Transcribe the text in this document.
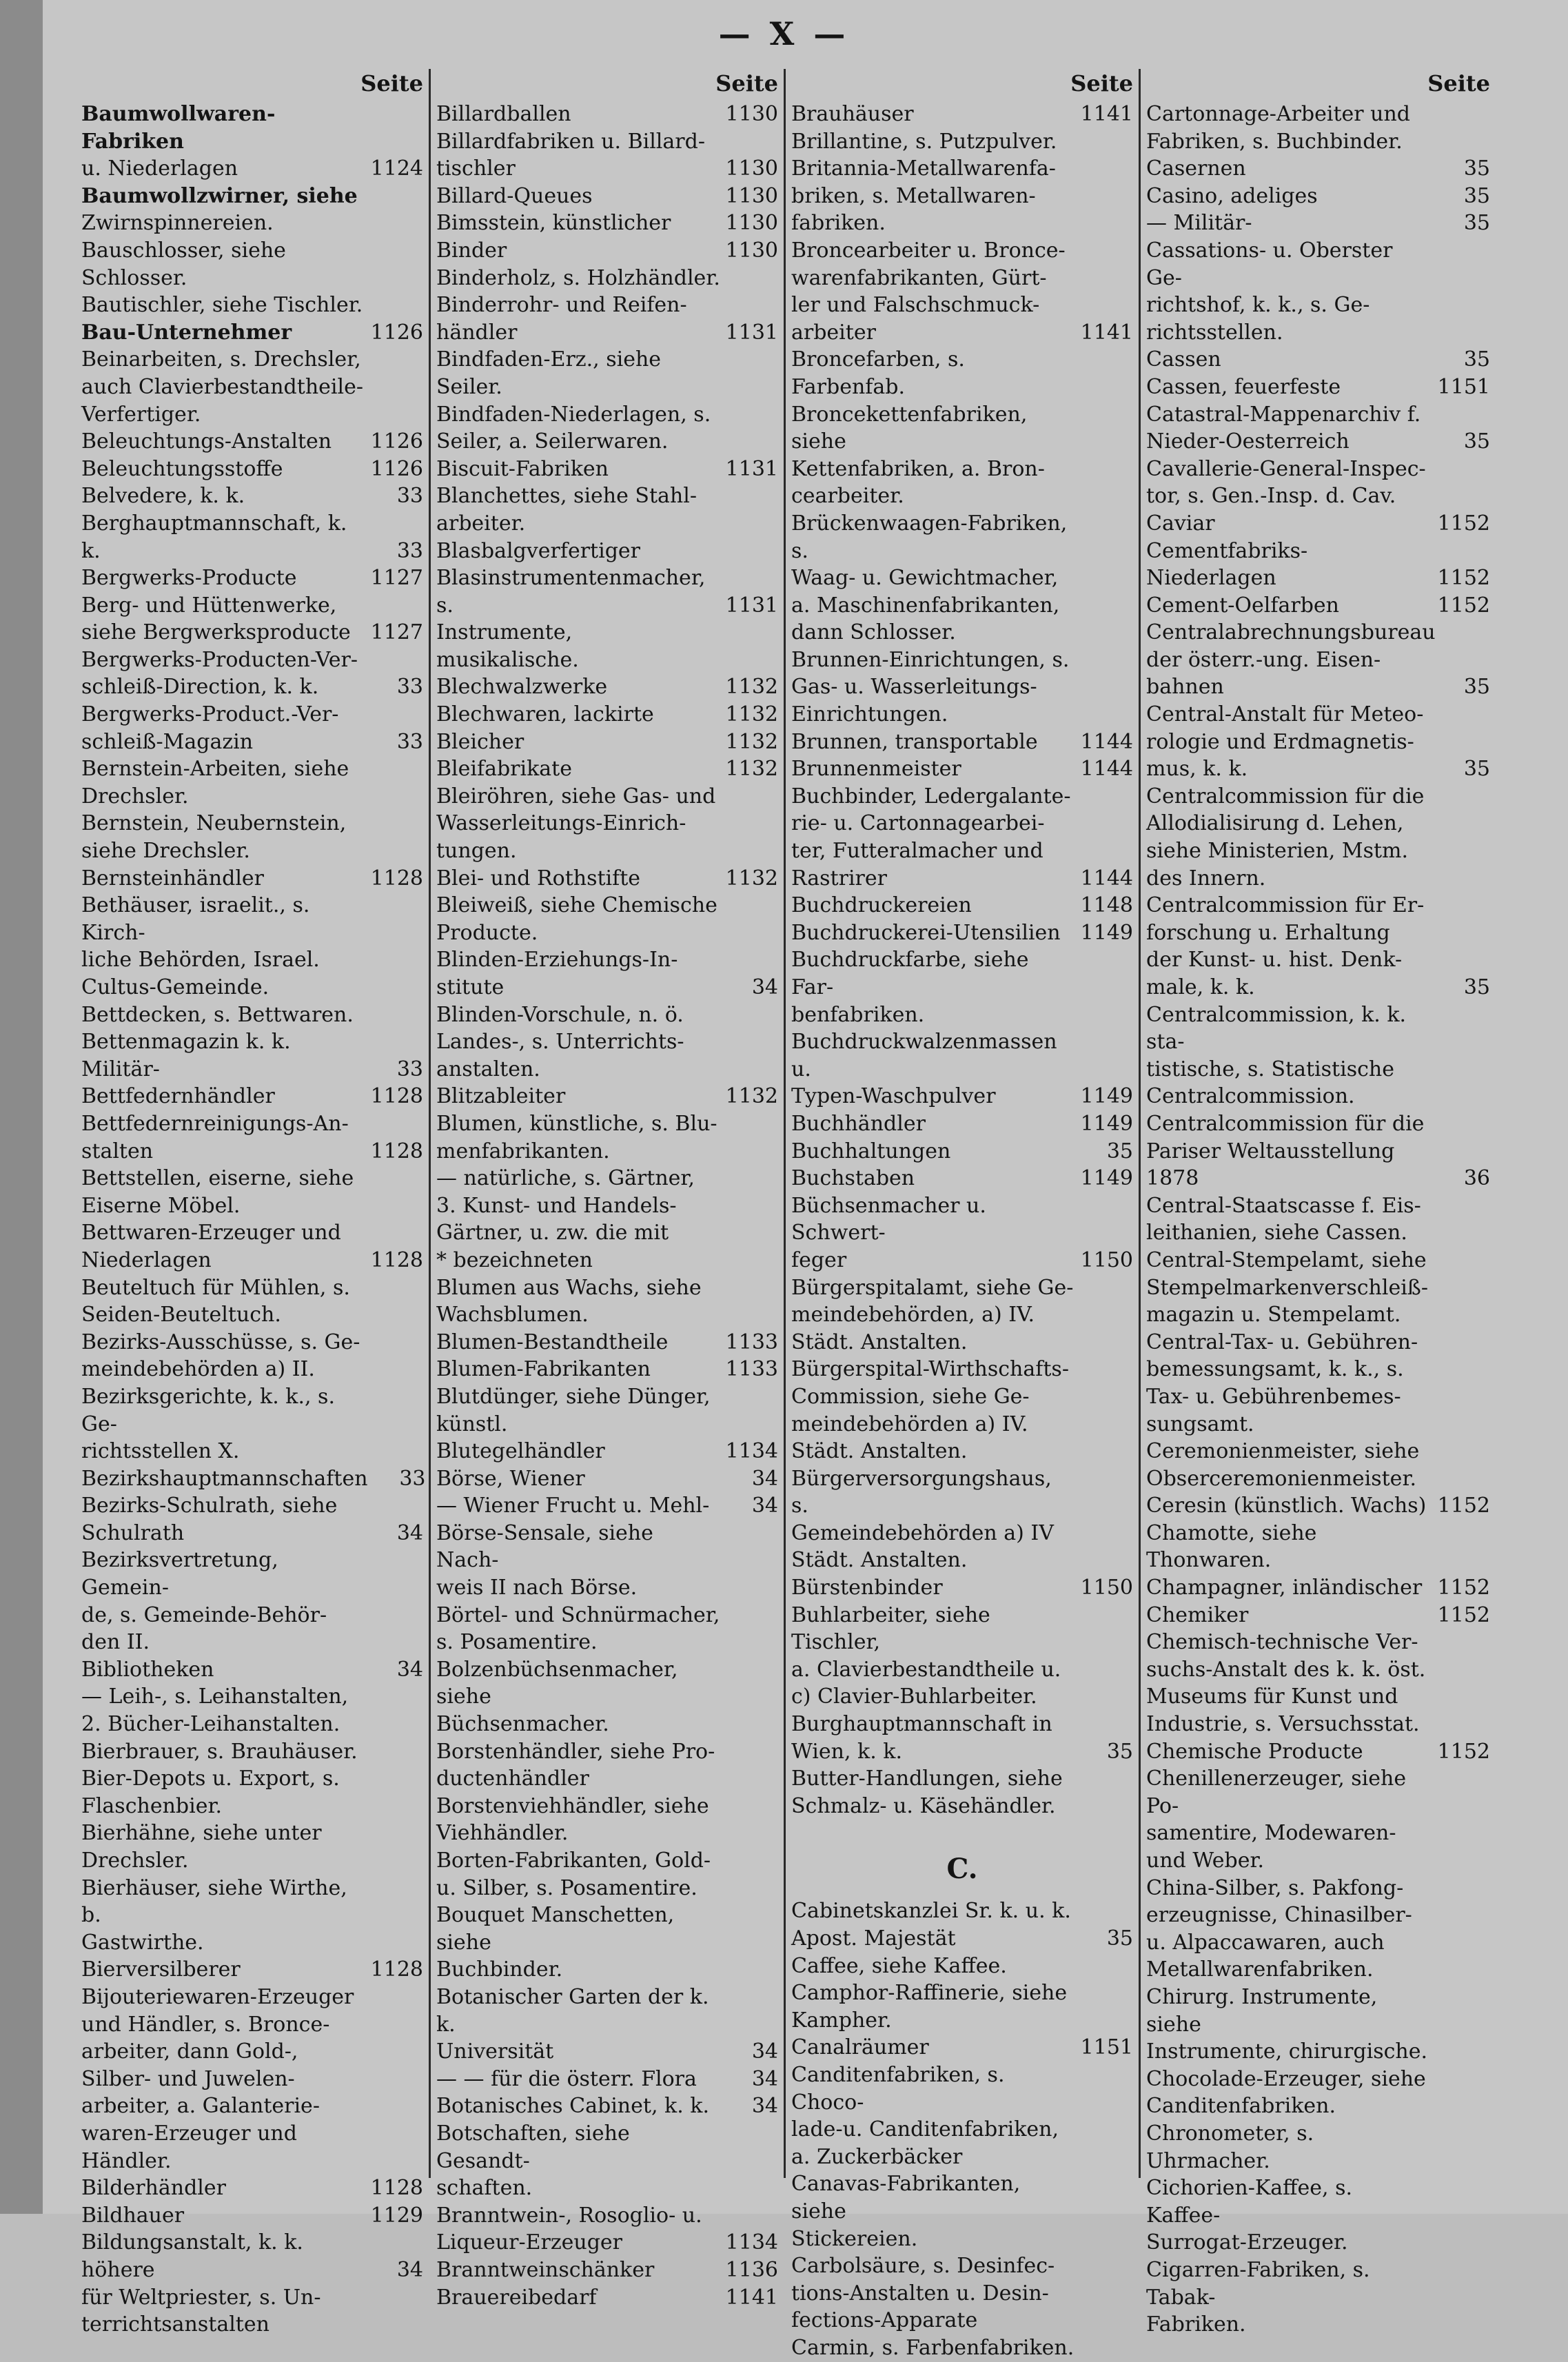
— X —
Seite
Baumwollwaren-Fabriken
u. Niederlagen	1124
Baumwollzwirner, siehe
Zwirnspinnereien.
Bauschlosser, siehe Schlosser.
Bautischler, siehe Tischler.
Bau-Unternehmer	1126
Beinarbeiten, s. Drechsler,
auch Clavierbestandtheile-
Verfertiger.
Beleuchtungs-Anstalten	1126
Beleuchtungsstoffe	1126
Belvedere, k. k.	33
Berghauptmannschaft, k. k.	33
Bergwerks-Producte	1127
Berg- und Hüttenwerke,
siehe Bergwerksproducte 1127
Bergwerks-Producten-Ver-
schleiß-Direction, k. k.	33
Bergwerks-Product.-Ver-
schleiß-Magazin	33
Bernstein-Arbeiten, siehe
Drechsler.
Bernstein, Neubernstein,
siehe Drechsler.
Bernsteinhändler	1128
Bethäuser, israelit., s. Kirch-
liche Behörden, Israel.
Cultus-Gemeinde.
Bettdecken, s. Bettwaren.
Bettenmagazin k. k. Militär-	33
Bettfedernhändler	1128
Bettfedernreinigungs-An-
stalten	1128
Bettstellen, eiserne, siehe
Eiserne Möbel.
Bettwaren-Erzeuger und
Niederlagen	1128
Beuteltuch für Mühlen, s.
Seiden-Beuteltuch.
Bezirks-Ausschüsse, s. Ge-
meindebehörden a) II.
Bezirksgerichte, k. k., s. Ge-
richtsstellen X.
Bezirkshauptmannschaften	33
Bezirks-Schulrath, siehe
Schulrath	34
Bezirksvertretung, Gemein-
de, s. Gemeinde-Behör-
den II.
Bibliotheken	34
— Leih-, s. Leihanstalten,
2. Bücher-Leihanstalten.
Bierbrauer, s. Brauhäuser.
Bier-Depots u. Export, s.
Flaschenbier.
Bierhähne, siehe unter
Drechsler.
Bierhäuser, siehe Wirthe, b.
Gastwirthe.
Bierversilberer	1128
Bijouteriewaren-Erzeuger
und Händler, s. Bronce-
arbeiter, dann Gold-,
Silber- und Juwelen-
arbeiter, a. Galanterie-
waren-Erzeuger und
Händler.
Bilderhändler	1128
Bildhauer	1129
Bildungsanstalt, k. k. höhere	34
für Weltpriester, s. Un-
terrichtsanstalten
Seite
Billardballen	1130
Billardfabriken u. Billard-
tischler	1130
Billard-Queues	1130
Bimsstein, künstlicher	1130
Binder	1130
Binderholz, s. Holzhändler.
Binderrohr- und Reifen-
händler	1131
Bindfaden-Erz., siehe Seiler.
Bindfaden-Niederlagen, s.
Seiler, a. Seilerwaren.
Biscuit-Fabriken	1131
Blanchettes, siehe Stahl-
arbeiter.
Blasbalgverfertiger
Blasinstrumentenmacher, s.	1131
Instrumente, musikalische.
Blechwalzwerke	1132
Blechwaren, lackirte	1132
Bleicher	1132
Bleifabrikate	1132
Bleiröhren, siehe Gas- und
Wasserleitungs-Einrich-
tungen.
Blei- und Rothstifte	1132
Bleiweiß, siehe Chemische
Producte.
Blinden-Erziehungs-In-
stitute	34
Blinden-Vorschule, n. ö.
Landes-, s. Unterrichts-
anstalten.
Blitzableiter	1132
Blumen, künstliche, s. Blu-
menfabrikanten.
— natürliche, s. Gärtner,
3. Kunst- und Handels-
Gärtner, u. zw. die mit
* bezeichneten
Blumen aus Wachs, siehe
Wachsblumen.
Blumen-Bestandtheile	1133
Blumen-Fabrikanten	1133
Blutdünger, siehe Dünger,
künstl.
Blutegelhändler	1134
Börse, Wiener	34
— Wiener Frucht u. Mehl-	34
Börse-Sensale, siehe Nach-
weis II nach Börse.
Börtel- und Schnürmacher,
s. Posamentire.
Bolzenbüchsenmacher, siehe
Büchsenmacher.
Borstenhändler, siehe Pro-
ductenhändler
Borstenviehhändler, siehe
Viehhändler.
Borten-Fabrikanten, Gold-
u. Silber, s. Posamentire.
Bouquet Manschetten, siehe
Buchbinder.
Botanischer Garten der k. k.
Universität	34
— — für die österr. Flora	34
Botanisches Cabinet, k. k.	34
Botschaften, siehe Gesandt-
schaften.
Branntwein-, Rosoglio- u.
Liqueur-Erzeuger	1134
Branntweinschänker	1136
Brauereibedarf	1141
Seite
Brauhäuser	1141
Brillantine, s. Putzpulver.
Britannia-Metallwarenfa-
briken, s. Metallwaren-
fabriken.
Broncearbeiter u. Bronce-
warenfabrikanten, Gürt-
ler und Falschschmuck-
arbeiter	1141
Broncefarben, s. Farbenfab.
Broncekettenfabriken, siehe
Kettenfabriken, a. Bron-
cearbeiter.
Brückenwaagen-Fabriken, s.
Waag- u. Gewichtmacher,
a. Maschinenfabrikanten,
dann Schlosser.
Brunnen-Einrichtungen, s.
Gas- u. Wasserleitungs-
Einrichtungen.
Brunnen, transportable	1144
Brunnenmeister	1144
Buchbinder, Ledergalante-
rie- u. Cartonnagearbei-
ter, Futteralmacher und
Rastrirer	1144
Buchdruckereien	1148
Buchdruckerei-Utensilien 1149
Buchdruckfarbe, siehe Far-
benfabriken.
Buchdruckwalzenmassen u.
Typen-Waschpulver	1149
Buchhändler	1149
Buchhaltungen	35
Buchstaben	1149
Büchsenmacher u. Schwert-
feger	1150
Bürgerspitalamt, siehe Ge-
meindebehörden, a) IV.
Städt. Anstalten.
Bürgerspital-Wirthschafts-
Commission, siehe Ge-
meindebehörden a) IV.
Städt. Anstalten.
Bürgerversorgungshaus, s.
Gemeindebehörden a) IV
Städt. Anstalten.
Bürstenbinder	1150
Buhlarbeiter, siehe Tischler,
a. Clavierbestandtheile u.
c) Clavier-Buhlarbeiter.
Burghauptmannschaft in
Wien, k. k.	35
Butter-Handlungen, siehe
Schmalz- u. Käsehändler.
C.
Cabinetskanzlei Sr. k. u. k.
Apost. Majestät	35
Caffee, siehe Kaffee.
Camphor-Raffinerie, siehe
Kampher.
Canalräumer	1151
Canditenfabriken, s. Choco-
lade-u. Canditenfabriken,
a. Zuckerbäcker
Canavas-Fabrikanten, siehe
Stickereien.
Carbolsäure, s. Desinfec-
tions-Anstalten u. Desin-
fections-Apparate
Carmin, s. Farbenfabriken.
Seite
Cartonnage-Arbeiter und
Fabriken, s. Buchbinder.
Casernen	35
Casino, adeliges	35
— Militär-	35
Cassations- u. Oberster Ge-
richtshof, k. k., s. Ge-
richtsstellen.
Cassen	35
Cassen, feuerfeste	1151
Catastral-Mappenarchiv f.
Nieder-Oesterreich	35
Cavallerie-General-Inspec-
tor, s. Gen.-Insp. d. Cav.
Caviar	1152
Cementfabriks-Niederlagen	1152
Cement-Oelfarben	1152
Centralabrechnungsbureau
der österr.-ung. Eisen-
bahnen	35
Central-Anstalt für Meteo-
rologie und Erdmagnetis-
mus, k. k.	35
Centralcommission für die
Allodialisirung d. Lehen,
siehe Ministerien, Mstm.
des Innern.
Centralcommission für Er-
forschung u. Erhaltung
der Kunst- u. hist. Denk-
male, k. k.	35
Centralcommission, k. k. sta-
tistische, s. Statistische
Centralcommission.
Centralcommission für die
Pariser Weltausstellung
1878	36
Central-Staatscasse f. Eis-
leithanien, siehe Cassen.
Central-Stempelamt, siehe
Stempelmarkenverschleiß-
magazin u. Stempelamt.
Central-Tax- u. Gebühren-
bemessungsamt, k. k., s.
Tax- u. Gebührenbemes-
sungsamt.
Ceremonienmeister, siehe
Obserceremonienmeister.
Ceresin (künstlich. Wachs) 1152
Chamotte, siehe Thonwaren.
Champagner, inländischer 1152
Chemiker	1152
Chemisch-technische Ver-
suchs-Anstalt des k. k. öst.
Museums für Kunst und
Industrie, s. Versuchsstat.
Chemische Producte	1152
Chenillenerzeuger, siehe Po-
samentire, Modewaren-
und Weber.
China-Silber, s. Pakfong-
erzeugnisse, Chinasilber-
u. Alpaccawaren, auch
Metallwarenfabriken.
Chirurg. Instrumente, siehe
Instrumente, chirurgische.
Chocolade-Erzeuger, siehe
Canditenfabriken.
Chronometer, s. Uhrmacher.
Cichorien-Kaffee, s. Kaffee-
Surrogat-Erzeuger.
Cigarren-Fabriken, s. Tabak-
Fabriken.
